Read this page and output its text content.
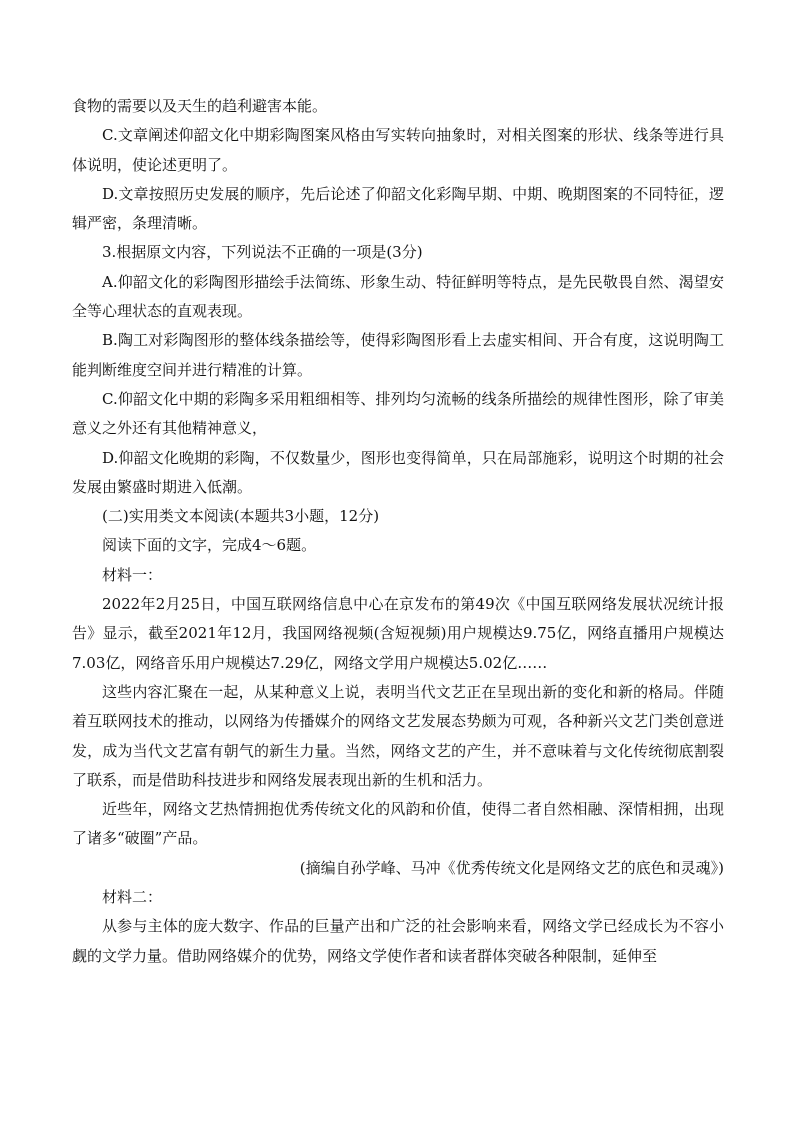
食物的需要以及天生的趋利避害本能。

C.文章阐述仰韶文化中期彩陶图案风格由写实转向抽象时，对相关图案的形状、线条等进行具体说明，使论述更明了。

D.文章按照历史发展的顺序，先后论述了仰韶文化彩陶早期、中期、晚期图案的不同特征，逻辑严密，条理清晰。

3.根据原文内容，下列说法不正确的一项是(3分)

A.仰韶文化的彩陶图形描绘手法简练、形象生动、特征鲜明等特点，是先民敬畏自然、渴望安全等心理状态的直观表现。

B.陶工对彩陶图形的整体线条描绘等，使得彩陶图形看上去虚实相间、开合有度，这说明陶工能判断维度空间并进行精准的计算。

C.仰韶文化中期的彩陶多采用粗细相等、排列均匀流畅的线条所描绘的规律性图形，除了审美意义之外还有其他精神意义，

D.仰韶文化晚期的彩陶，不仅数量少，图形也变得简单，只在局部施彩，说明这个时期的社会发展由繁盛时期进入低潮。

(二)实用类文本阅读(本题共3小题，12分)

阅读下面的文字，完成4～6题。

材料一：

2022年2月25日，中国互联网络信息中心在京发布的第49次《中国互联网络发展状况统计报告》显示，截至2021年12月，我国网络视频(含短视频)用户规模达9.75亿，网络直播用户规模达7.03亿，网络音乐用户规模达7.29亿，网络文学用户规模达5.02亿……

这些内容汇聚在一起，从某种意义上说，表明当代文艺正在呈现出新的变化和新的格局。伴随着互联网技术的推动，以网络为传播媒介的网络文艺发展态势颇为可观，各种新兴文艺门类创意迸发，成为当代文艺富有朝气的新生力量。当然，网络文艺的产生，并不意味着与文化传统彻底割裂了联系，而是借助科技进步和网络发展表现出新的生机和活力。

近些年，网络文艺热情拥抱优秀传统文化的风韵和价值，使得二者自然相融、深情相拥，出现了诸多“破圈”产品。

(摘编自孙学峰、马冲《优秀传统文化是网络文艺的底色和灵魂》)

材料二：

从参与主体的庞大数字、作品的巨量产出和广泛的社会影响来看，网络文学已经成长为不容小觑的文学力量。借助网络媒介的优势，网络文学使作者和读者群体突破各种限制，延伸至
